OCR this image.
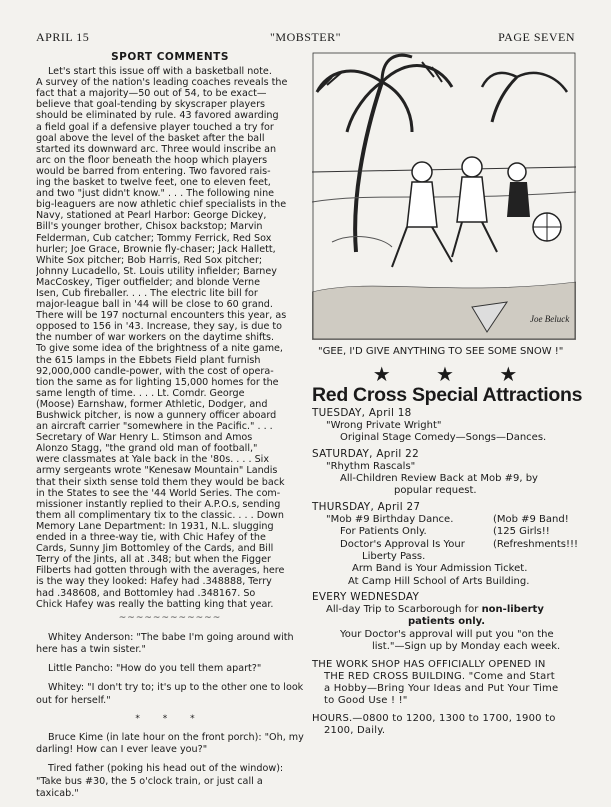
APRIL 15	"MOBSTER"	PAGE SEVEN
SPORT COMMENTS
Let's start this issue off with a basketball note.
A survey of the nation's leading coaches reveals the
fact that a majority—50 out of 54, to be exact—
believe that goal-tending by skyscraper players
should be eliminated by rule. 43 favored awarding
a field goal if a defensive player touched a try for
goal above the level of the basket after the ball
started its downward arc. Three would inscribe an
arc on the floor beneath the hoop which players
would be barred from entering. Two favored rais-
ing the basket to twelve feet, one to eleven feet,
and two "just didn't know." . . . The following nine
big-leaguers are now athletic chief specialists in the
Navy, stationed at Pearl Harbor: George Dickey,
Bill's younger brother, Chisox backstop; Marvin
Felderman, Cub catcher; Tommy Ferrick, Red Sox
hurler; Joe Grace, Brownie fly-chaser; Jack Hallett,
White Sox pitcher; Bob Harris, Red Sox pitcher;
Johnny Lucadello, St. Louis utility infielder; Barney
MacCoskey, Tiger outfielder; and blonde Verne
Isen, Cub fireballer. . . . The electric lite bill for
major-league ball in '44 will be close to 60 grand.
There will be 197 nocturnal encounters this year, as
opposed to 156 in '43. Increase, they say, is due to
the number of war workers on the daytime shifts.
To give some idea of the brightness of a nite game,
the 615 lamps in the Ebbets Field plant furnish
92,000,000 candle-power, with the cost of opera-
tion the same as for lighting 15,000 homes for the
same length of time. . . . Lt. Comdr. George
(Moose) Earnshaw, former Athletic, Dodger, and
Bushwick pitcher, is now a gunnery officer aboard
an aircraft carrier "somewhere in the Pacific." . . .
Secretary of War Henry L. Stimson and Amos
Alonzo Stagg, "the grand old man of football,"
were classmates at Yale back in the '80s. . . . Six
army sergeants wrote "Kenesaw Mountain" Landis
that their sixth sense told them they would be back
in the States to see the '44 World Series. The com-
missioner instantly replied to their A.P.O.s, sending
them all complimentary tix to the classic. . . . Down
Memory Lane Department: In 1931, N.L. slugging
ended in a three-way tie, with Chic Hafey of the
Cards, Sunny Jim Bottomley of the Cards, and Bill
Terry of the Jints, all at .348; but when the Figger
Filberts had gotten through with the averages, here
is the way they looked: Hafey had .348888, Terry
had .348608, and Bottomley had .348167. So
Chick Hafey was really the batting king that year.
~~~~~~~~~~~~

Whitey Anderson: "The babe I'm going around with here has a twin sister."

Little Pancho: "How do you tell them apart?"

Whitey: "I don't try to; it's up to the other one to look out for herself."

* * *

Bruce Kime (in late hour on the front porch): "Oh, my darling! How can I ever leave you?"

Tired father (poking his head out of the window): "Take bus #30, the 5 o'clock train, or just call a taxicab."

Joe Beluck

"GEE, I'D GIVE ANYTHING TO SEE SOME SNOW !"

★ ★ ★
Red Cross Special Attractions
TUESDAY, April 18
"Wrong Private Wright"
Original Stage Comedy—Songs—Dances.
SATURDAY, April 22
"Rhythm Rascals"
All-Children Review Back at Mob #9, by
popular request.
THURSDAY, April 27
"Mob #9 Birthday Dance.
For Patients Only.
Doctor's Approval Is Your
Liberty Pass.
(Mob #9 Band!
(125 Girls!!
(Refreshments!!!
Arm Band is Your Admission Ticket.
At Camp Hill School of Arts Building.
EVERY WEDNESDAY
All-day Trip to Scarborough for non-liberty
patients only.
Your Doctor's approval will put you "on the
list."—Sign up by Monday each week.
THE WORK SHOP HAS OFFICIALLY OPENED IN
THE RED CROSS BUILDING. "Come and Start
a Hobby—Bring Your Ideas and Put Your Time
to Good Use ! !"
HOURS.—0800 to 1200, 1300 to 1700, 1900 to
2100, Daily.
